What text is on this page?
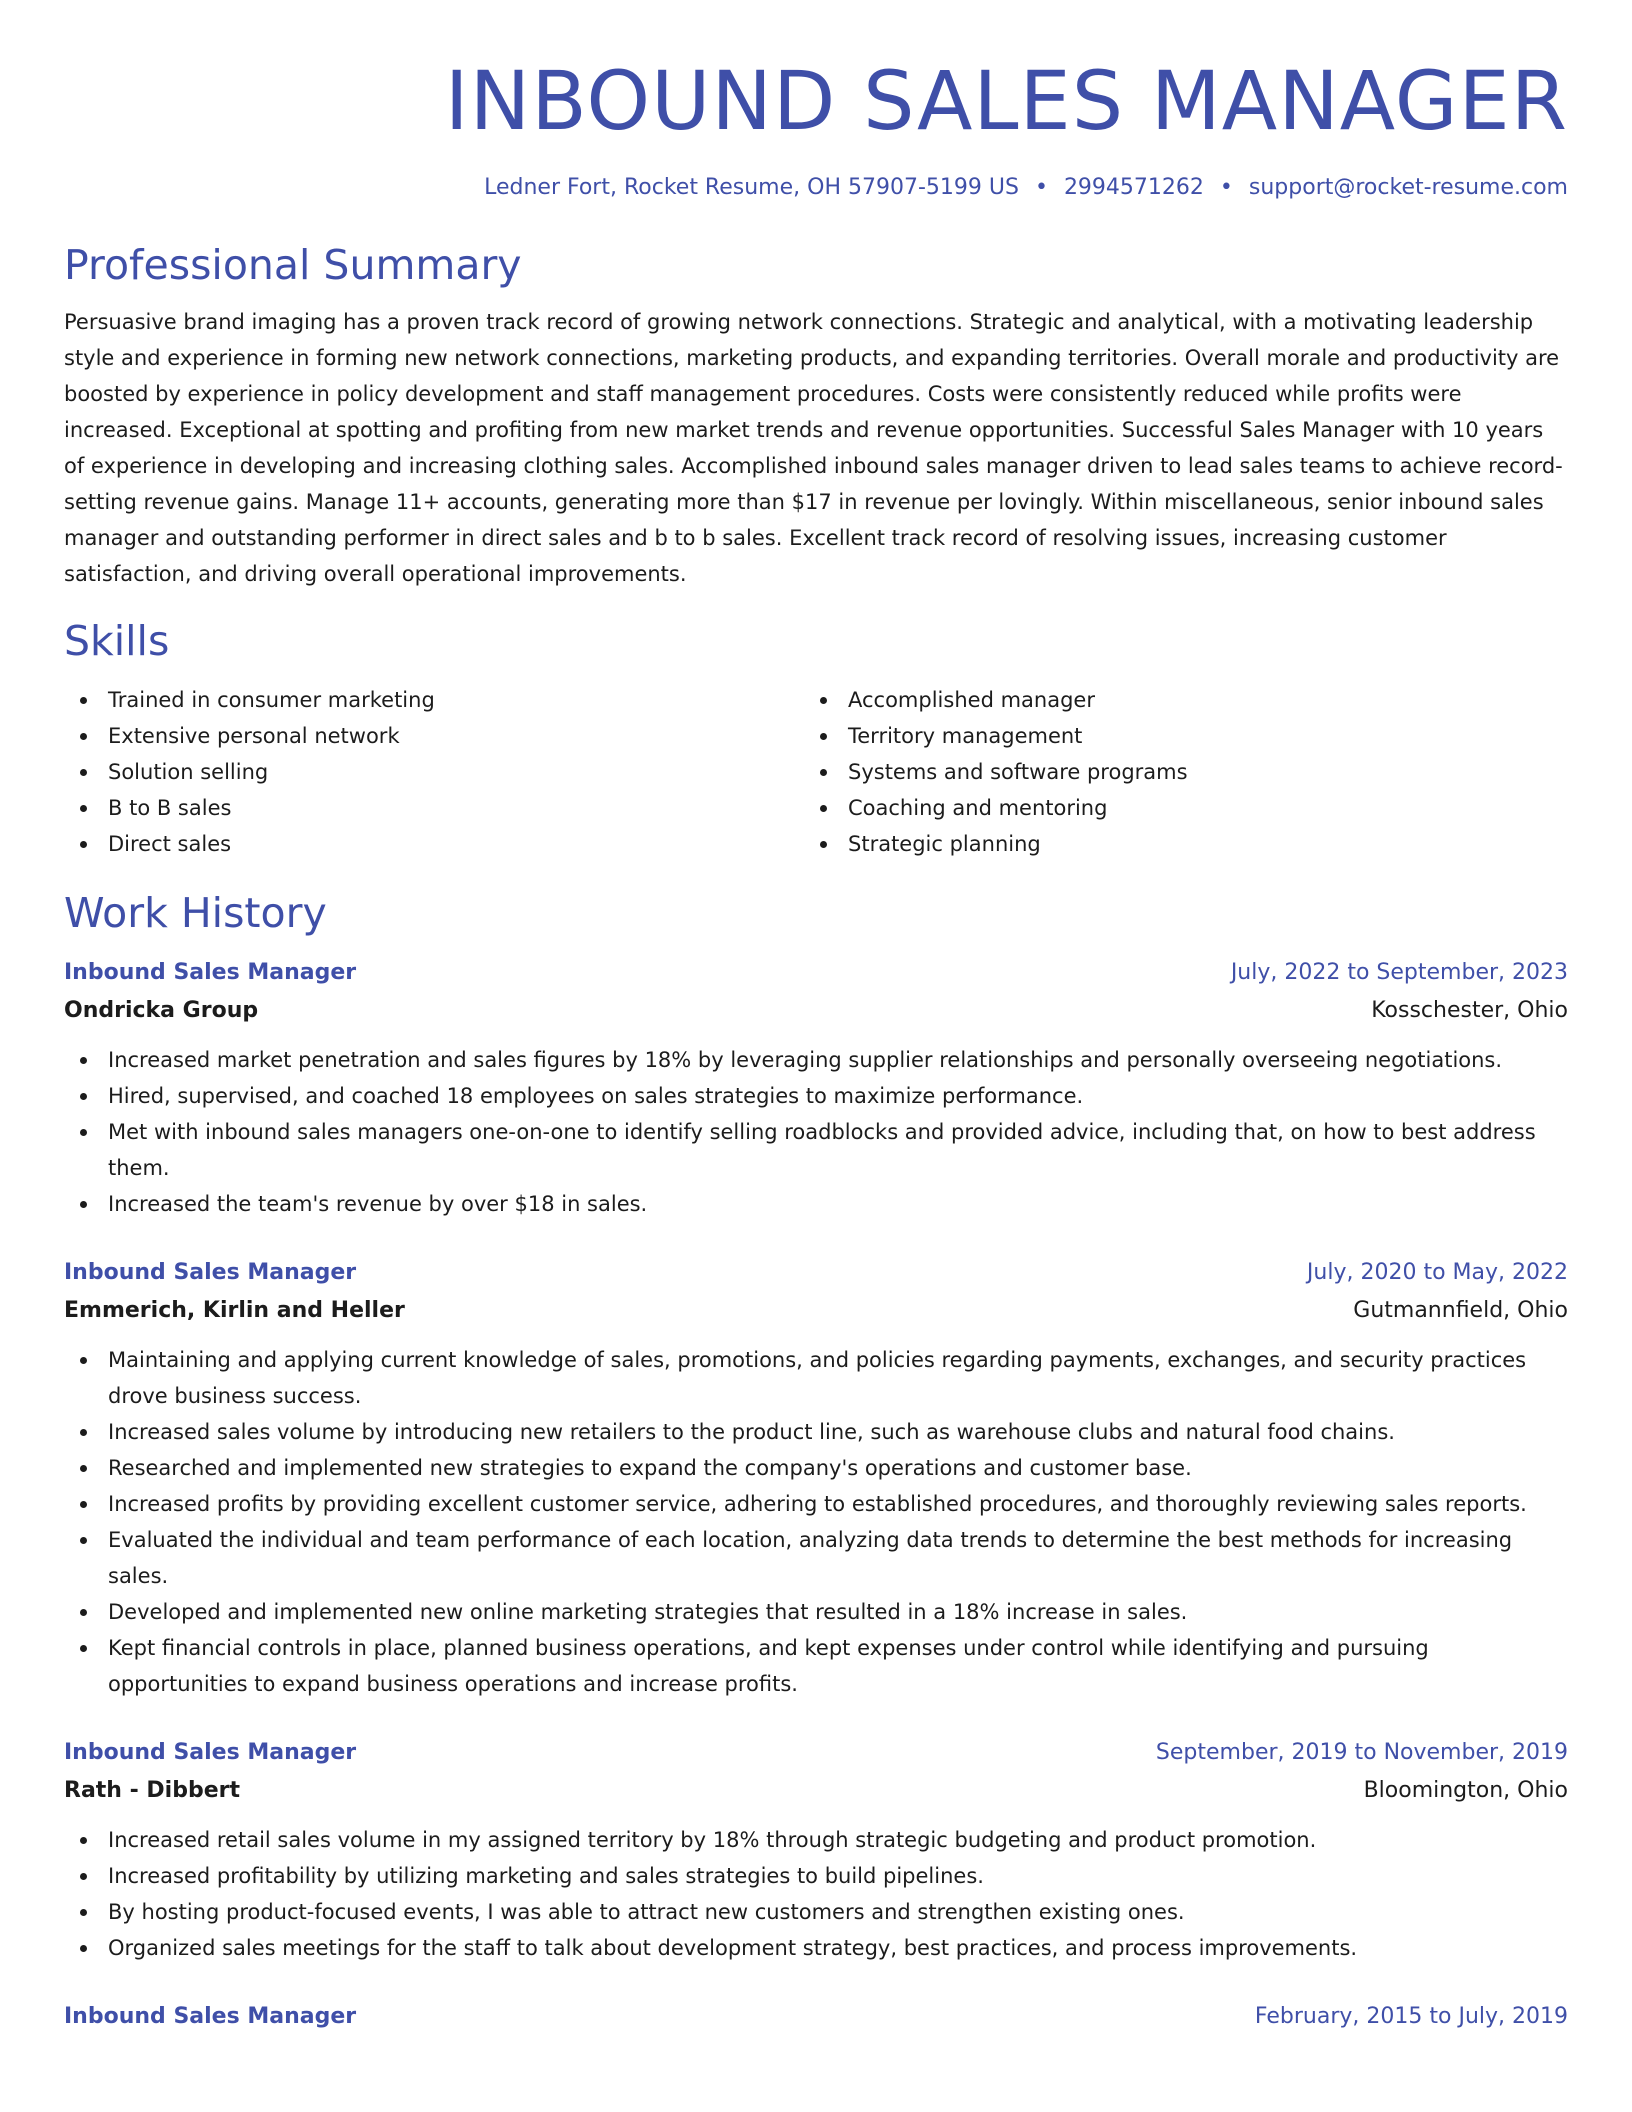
INBOUND SALES MANAGER
Ledner Fort, Rocket Resume, OH 57907-5199 US • 2994571262 • support@rocket-resume.com
Professional Summary
Persuasive brand imaging has a proven track record of growing network connections. Strategic and analytical, with a motivating leadership style and experience in forming new network connections, marketing products, and expanding territories. Overall morale and productivity are boosted by experience in policy development and staff management procedures. Costs were consistently reduced while profits were increased. Exceptional at spotting and profiting from new market trends and revenue opportunities. Successful Sales Manager with 10 years of experience in developing and increasing clothing sales. Accomplished inbound sales manager driven to lead sales teams to achieve record-setting revenue gains. Manage 11+ accounts, generating more than $17 in revenue per lovingly. Within miscellaneous, senior inbound sales manager and outstanding performer in direct sales and b to b sales. Excellent track record of resolving issues, increasing customer satisfaction, and driving overall operational improvements.
Skills
Trained in consumer marketing
Extensive personal network
Solution selling
B to B sales
Direct sales
Accomplished manager
Territory management
Systems and software programs
Coaching and mentoring
Strategic planning
Work History
Inbound Sales Manager	July, 2022 to September, 2023
Ondricka Group	Kosschester, Ohio
Increased market penetration and sales figures by 18% by leveraging supplier relationships and personally overseeing negotiations.
Hired, supervised, and coached 18 employees on sales strategies to maximize performance.
Met with inbound sales managers one-on-one to identify selling roadblocks and provided advice, including that, on how to best address them.
Increased the team's revenue by over $18 in sales.
Inbound Sales Manager	July, 2020 to May, 2022
Emmerich, Kirlin and Heller	Gutmannfield, Ohio
Maintaining and applying current knowledge of sales, promotions, and policies regarding payments, exchanges, and security practices drove business success.
Increased sales volume by introducing new retailers to the product line, such as warehouse clubs and natural food chains.
Researched and implemented new strategies to expand the company's operations and customer base.
Increased profits by providing excellent customer service, adhering to established procedures, and thoroughly reviewing sales reports.
Evaluated the individual and team performance of each location, analyzing data trends to determine the best methods for increasing sales.
Developed and implemented new online marketing strategies that resulted in a 18% increase in sales.
Kept financial controls in place, planned business operations, and kept expenses under control while identifying and pursuing opportunities to expand business operations and increase profits.
Inbound Sales Manager	September, 2019 to November, 2019
Rath - Dibbert	Bloomington, Ohio
Increased retail sales volume in my assigned territory by 18% through strategic budgeting and product promotion.
Increased profitability by utilizing marketing and sales strategies to build pipelines.
By hosting product-focused events, I was able to attract new customers and strengthen existing ones.
Organized sales meetings for the staff to talk about development strategy, best practices, and process improvements.
Inbound Sales Manager	February, 2015 to July, 2019
